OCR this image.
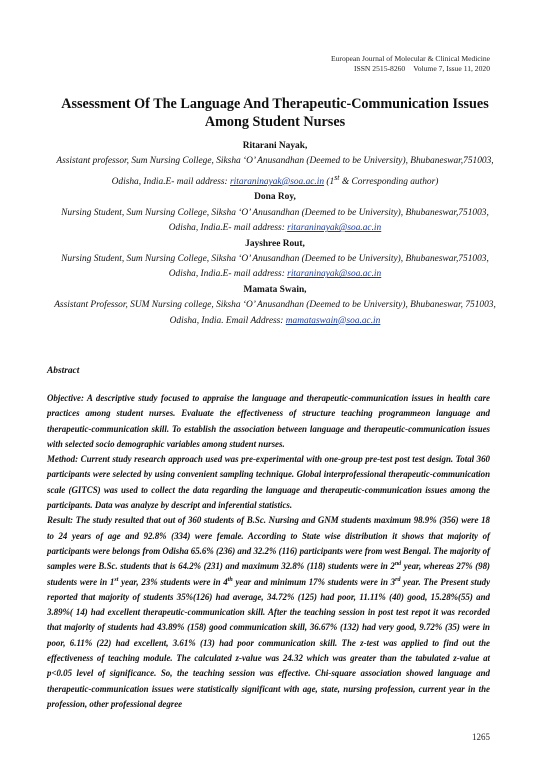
European Journal of Molecular & Clinical Medicine
ISSN 2515-8260 Volume 7, Issue 11, 2020
Assessment Of The Language And Therapeutic-Communication Issues
Among Student Nurses
Ritarani Nayak,
Assistant professor, Sum Nursing College, Siksha ‘O’ Anusandhan (Deemed to be University), Bhubaneswar,751003, Odisha, India.E- mail address: ritaraninayak@soa.ac.in (1st & Corresponding author)
Dona Roy,
Nursing Student, Sum Nursing College, Siksha ‘O’ Anusandhan (Deemed to be University), Bhubaneswar,751003, Odisha, India.E- mail address: ritaraninayak@soa.ac.in
Jayshree Rout,
Nursing Student, Sum Nursing College, Siksha ‘O’ Anusandhan (Deemed to be University), Bhubaneswar,751003, Odisha, India.E- mail address: ritaraninayak@soa.ac.in
Mamata Swain,
Assistant Professor, SUM Nursing college, Siksha ‘O’ Anusandhan (Deemed to be University), Bhubaneswar, 751003, Odisha, India. Email Address: mamataswain@soa.ac.in
Abstract

Objective: A descriptive study focused to appraise the language and therapeutic-communication issues in health care practices among student nurses. Evaluate the effectiveness of structure teaching programmeon language and therapeutic-communication skill. To establish the association between language and therapeutic-communication issues with selected socio demographic variables among student nurses.

Method: Current study research approach used was pre-experimental with one-group pre-test post test design. Total 360 participants were selected by using convenient sampling technique. Global interprofessional therapeutic-communication scale (GITCS) was used to collect the data regarding the language and therapeutic-communication issues among the participants. Data was analyze by descript and inferential statistics.

Result: The study resulted that out of 360 students of B.Sc. Nursing and GNM students maximum 98.9% (356) were 18 to 24 years of age and 92.8% (334) were female. According to State wise distribution it shows that majority of participants were belongs from Odisha 65.6% (236) and 32.2% (116) participants were from west Bengal. The majority of samples were B.Sc. students that is 64.2% (231) and maximum 32.8% (118) students were in 2nd year, whereas 27% (98) students were in 1st year, 23% students were in 4th year and minimum 17% students were in 3rd year. The Present study reported that majority of students 35%(126) had average, 34.72% (125) had poor, 11.11% (40) good, 15.28%(55) and 3.89%( 14) had excellent therapeutic-communication skill. After the teaching session in post test repot it was recorded that majority of students had 43.89% (158) good communication skill, 36.67% (132) had very good, 9.72% (35) were in poor, 6.11% (22) had excellent, 3.61% (13) had poor communication skill. The z-test was applied to find out the effectiveness of teaching module. The calculated z-value was 24.32 which was greater than the tabulated z-value at p<0.05 level of significance. So, the teaching session was effective. Chi-square association showed language and therapeutic-communication issues were statistically significant with age, state, nursing profession, current year in the profession, other professional degree

1265
